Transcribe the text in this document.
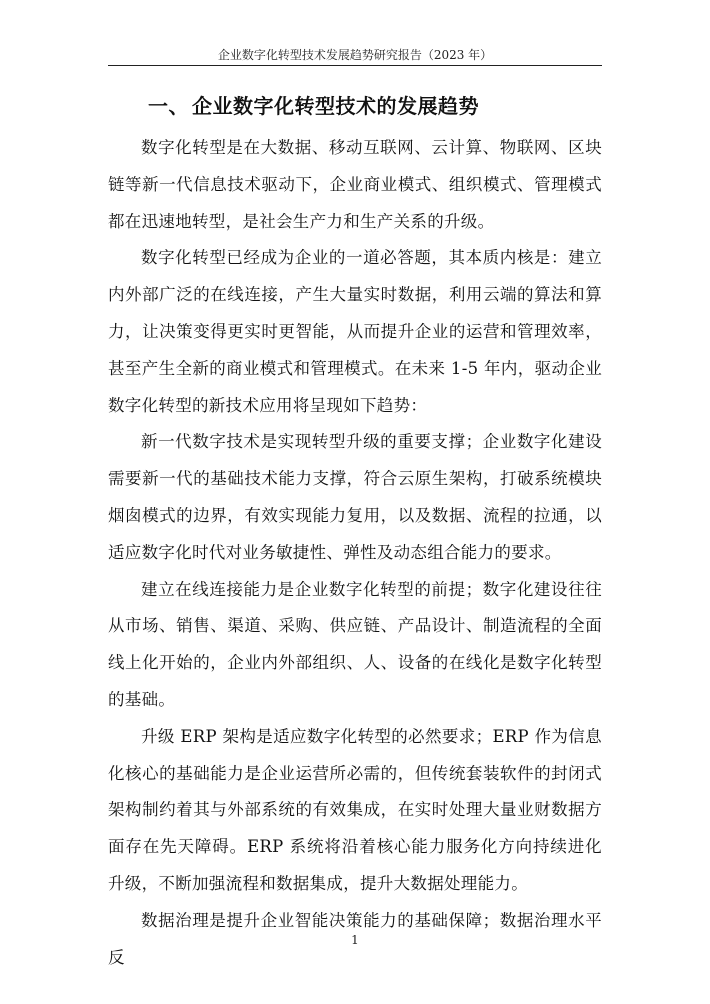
企业数字化转型技术发展趋势研究报告（2023 年）
一、 企业数字化转型技术的发展趋势

数字化转型是在大数据、移动互联网、云计算、物联网、区块链等新一代信息技术驱动下，企业商业模式、组织模式、管理模式都在迅速地转型，是社会生产力和生产关系的升级。

数字化转型已经成为企业的一道必答题，其本质内核是：建立内外部广泛的在线连接，产生大量实时数据，利用云端的算法和算力，让决策变得更实时更智能，从而提升企业的运营和管理效率，甚至产生全新的商业模式和管理模式。在未来 1-5 年内，驱动企业数字化转型的新技术应用将呈现如下趋势：

新一代数字技术是实现转型升级的重要支撑；企业数字化建设需要新一代的基础技术能力支撑，符合云原生架构，打破系统模块烟囱模式的边界，有效实现能力复用，以及数据、流程的拉通，以适应数字化时代对业务敏捷性、弹性及动态组合能力的要求。

建立在线连接能力是企业数字化转型的前提；数字化建设往往从市场、销售、渠道、采购、供应链、产品设计、制造流程的全面线上化开始的，企业内外部组织、人、设备的在线化是数字化转型的基础。

升级 ERP 架构是适应数字化转型的必然要求；ERP 作为信息化核心的基础能力是企业运营所必需的，但传统套装软件的封闭式架构制约着其与外部系统的有效集成，在实时处理大量业财数据方面存在先天障碍。ERP 系统将沿着核心能力服务化方向持续进化升级，不断加强流程和数据集成，提升大数据处理能力。

数据治理是提升企业智能决策能力的基础保障；数据治理水平反

1
